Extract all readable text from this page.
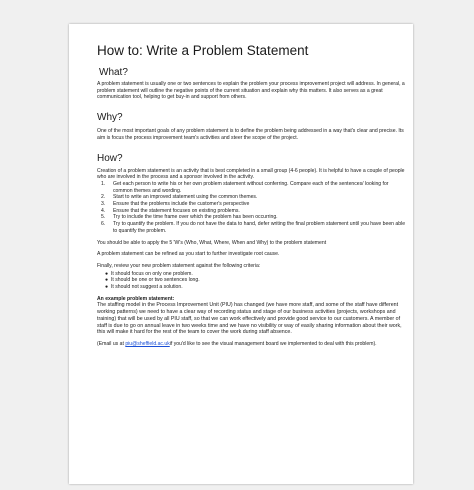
How to: Write a Problem Statement
What?

A problem statement is usually one or two sentences to explain the problem your process improvement project will address. In general, a problem statement will outline the negative points of the current situation and explain why this matters. It also serves as a great communication tool, helping to get buy-in and support from others.

Why?

One of the most important goals of any problem statement is to define the problem being addressed in a way that's clear and precise. Its aim is focus the process improvement team's activities and steer the scope of the project.

How?

Creation of a problem statement is an activity that is best completed in a small group (4-6 people). It is helpful to have a couple of people who are involved in the process and a sponsor involved in the activity.

1.	Get each person to write his or her own problem statement without conferring. Compare each of the sentences/ looking for common themes and wording.
2.	Start to write an improved statement using the common themes.
3.	Ensure that the problems include the customer's perspective
4.	Ensure that the statement focuses on existing problems.
5.	Try to include the time frame over which the problem has been occurring.
6.	Try to quantify the problem. If you do not have the data to hand, defer writing the final problem statement until you have been able to quantify the problem.

You should be able to apply the 5 'W's (Who, What, Where, When and Why) to the problem statement

A problem statement can be refined as you start to further investigate root cause.

Finally, review your new problem statement against the following criteria:

● It should focus on only one problem.
● It should be one or two sentences long.
● It should not suggest a solution.

An example problem statement:

The staffing model in the Process Improvement Unit (PIU) has changed (we have more staff, and some of the staff have different working patterns) we need to have a clear way of recording status and stage of our business activities (projects, workshops and training) that will be used by all PIU staff, so that we can work effectively and provide good service to our customers. A member of staff is due to go on annual leave in two weeks time and we have no visibility or way of easily sharing information about their work, this will make it hard for the rest of the team to cover the work during staff absence.

(Email us at piu@sheffield.ac.ukif you'd like to see the visual management board we implemented to deal with this problem).
